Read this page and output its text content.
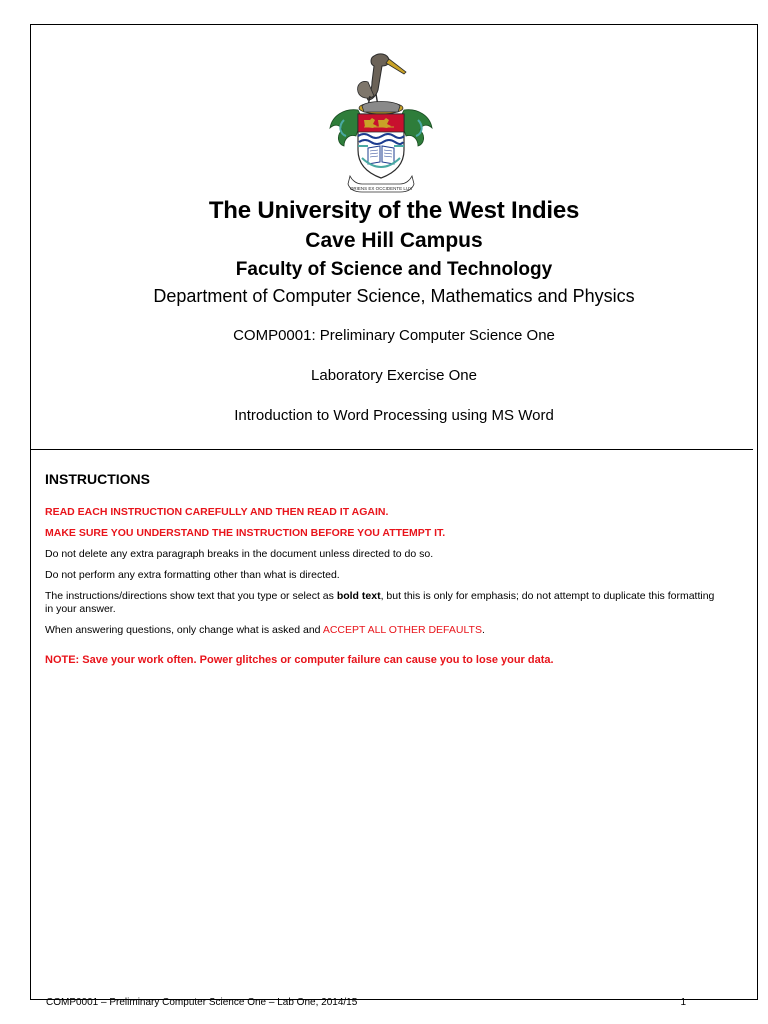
ORIENS EX OCCIDENTE LUX
The University of the West Indies
Cave Hill Campus
Faculty of Science and Technology
Department of Computer Science, Mathematics and Physics
COMP0001: Preliminary Computer Science One
Laboratory Exercise One
Introduction to Word Processing using MS Word
INSTRUCTIONS
READ EACH INSTRUCTION CAREFULLY AND THEN READ IT AGAIN.
MAKE SURE YOU UNDERSTAND THE INSTRUCTION BEFORE YOU ATTEMPT IT.
Do not delete any extra paragraph breaks in the document unless directed to do so.
Do not perform any extra formatting other than what is directed.
The instructions/directions show text that you type or select as bold text, but this is only for emphasis; do not attempt to duplicate this formatting in your answer.
When answering questions, only change what is asked and ACCEPT ALL OTHER DEFAULTS.
NOTE: Save your work often. Power glitches or computer failure can cause you to lose your data.
COMP0001 – Preliminary Computer Science One – Lab One, 2014/15	1
